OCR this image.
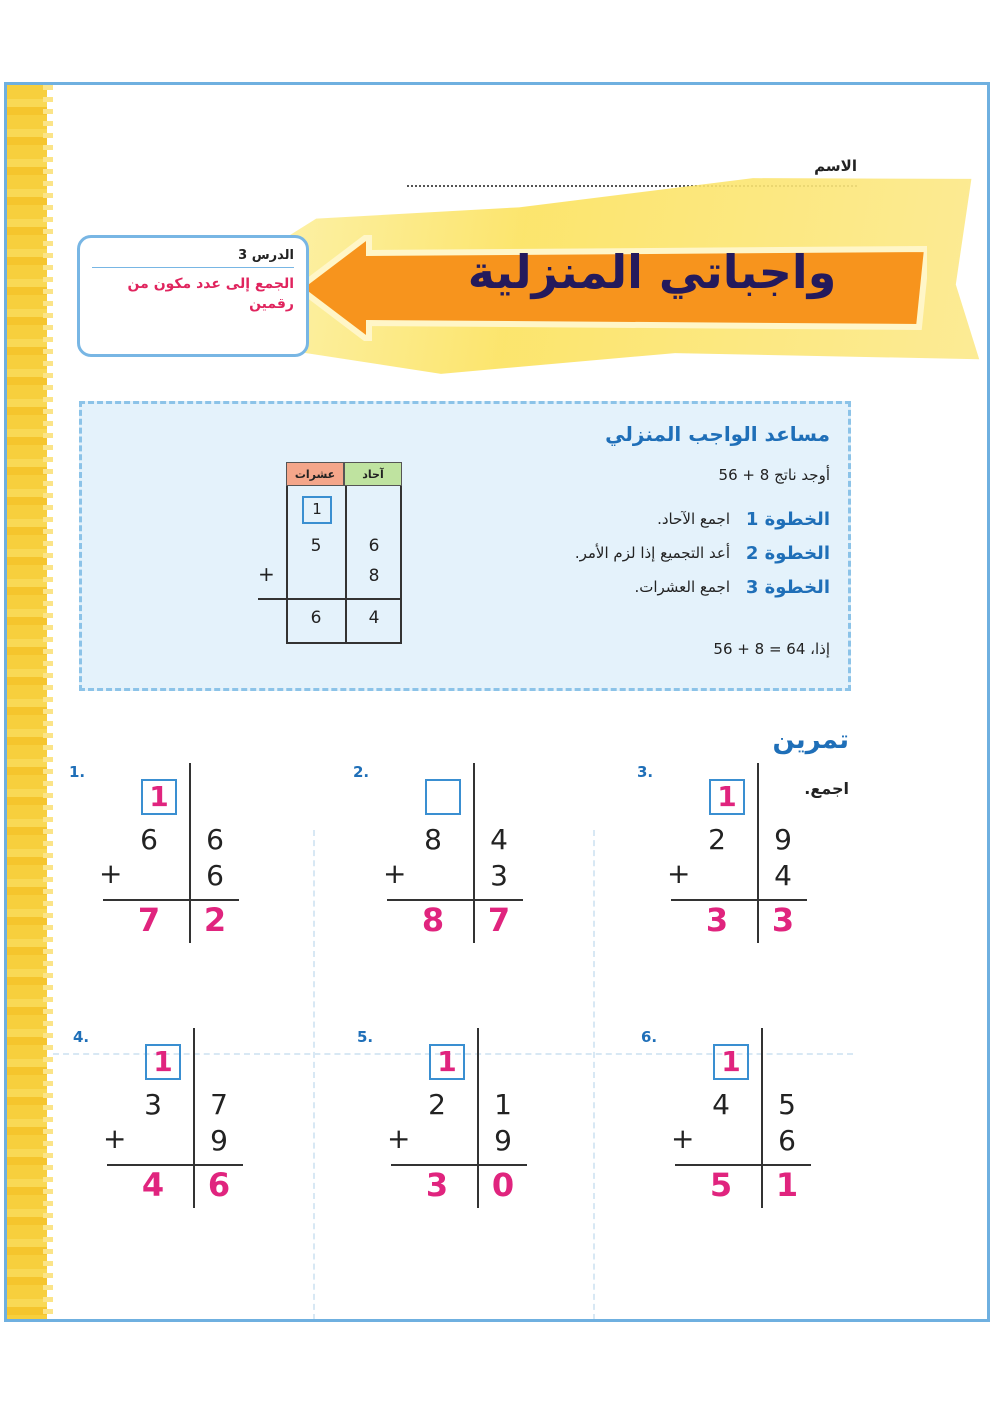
الاسم
واجباتي المنزلية
الدرس 3
الجمع إلى عدد مكون من رقمين
مساعد الواجب المنزلي
أوجد ناتج 8 + 56
الخطوة 1
اجمع الآحاد.
الخطوة 2
أعد التجميع إذا لزم الأمر.
الخطوة 3
اجمع العشرات.
إذا، 64 = 8 + 56
عشرات	آحاد
1
5	6
+	8
6	4
تمرين
اجمع.
1.
1
6	6
+	6
7 2
2.
8	4
+	3
8 7
3.
1
2	9
+	4
3 3
4.
1
3	7
+	9
4 6
5.
1
2	1
+	9
3 0
6.
1
4	5
+	6
5 1
